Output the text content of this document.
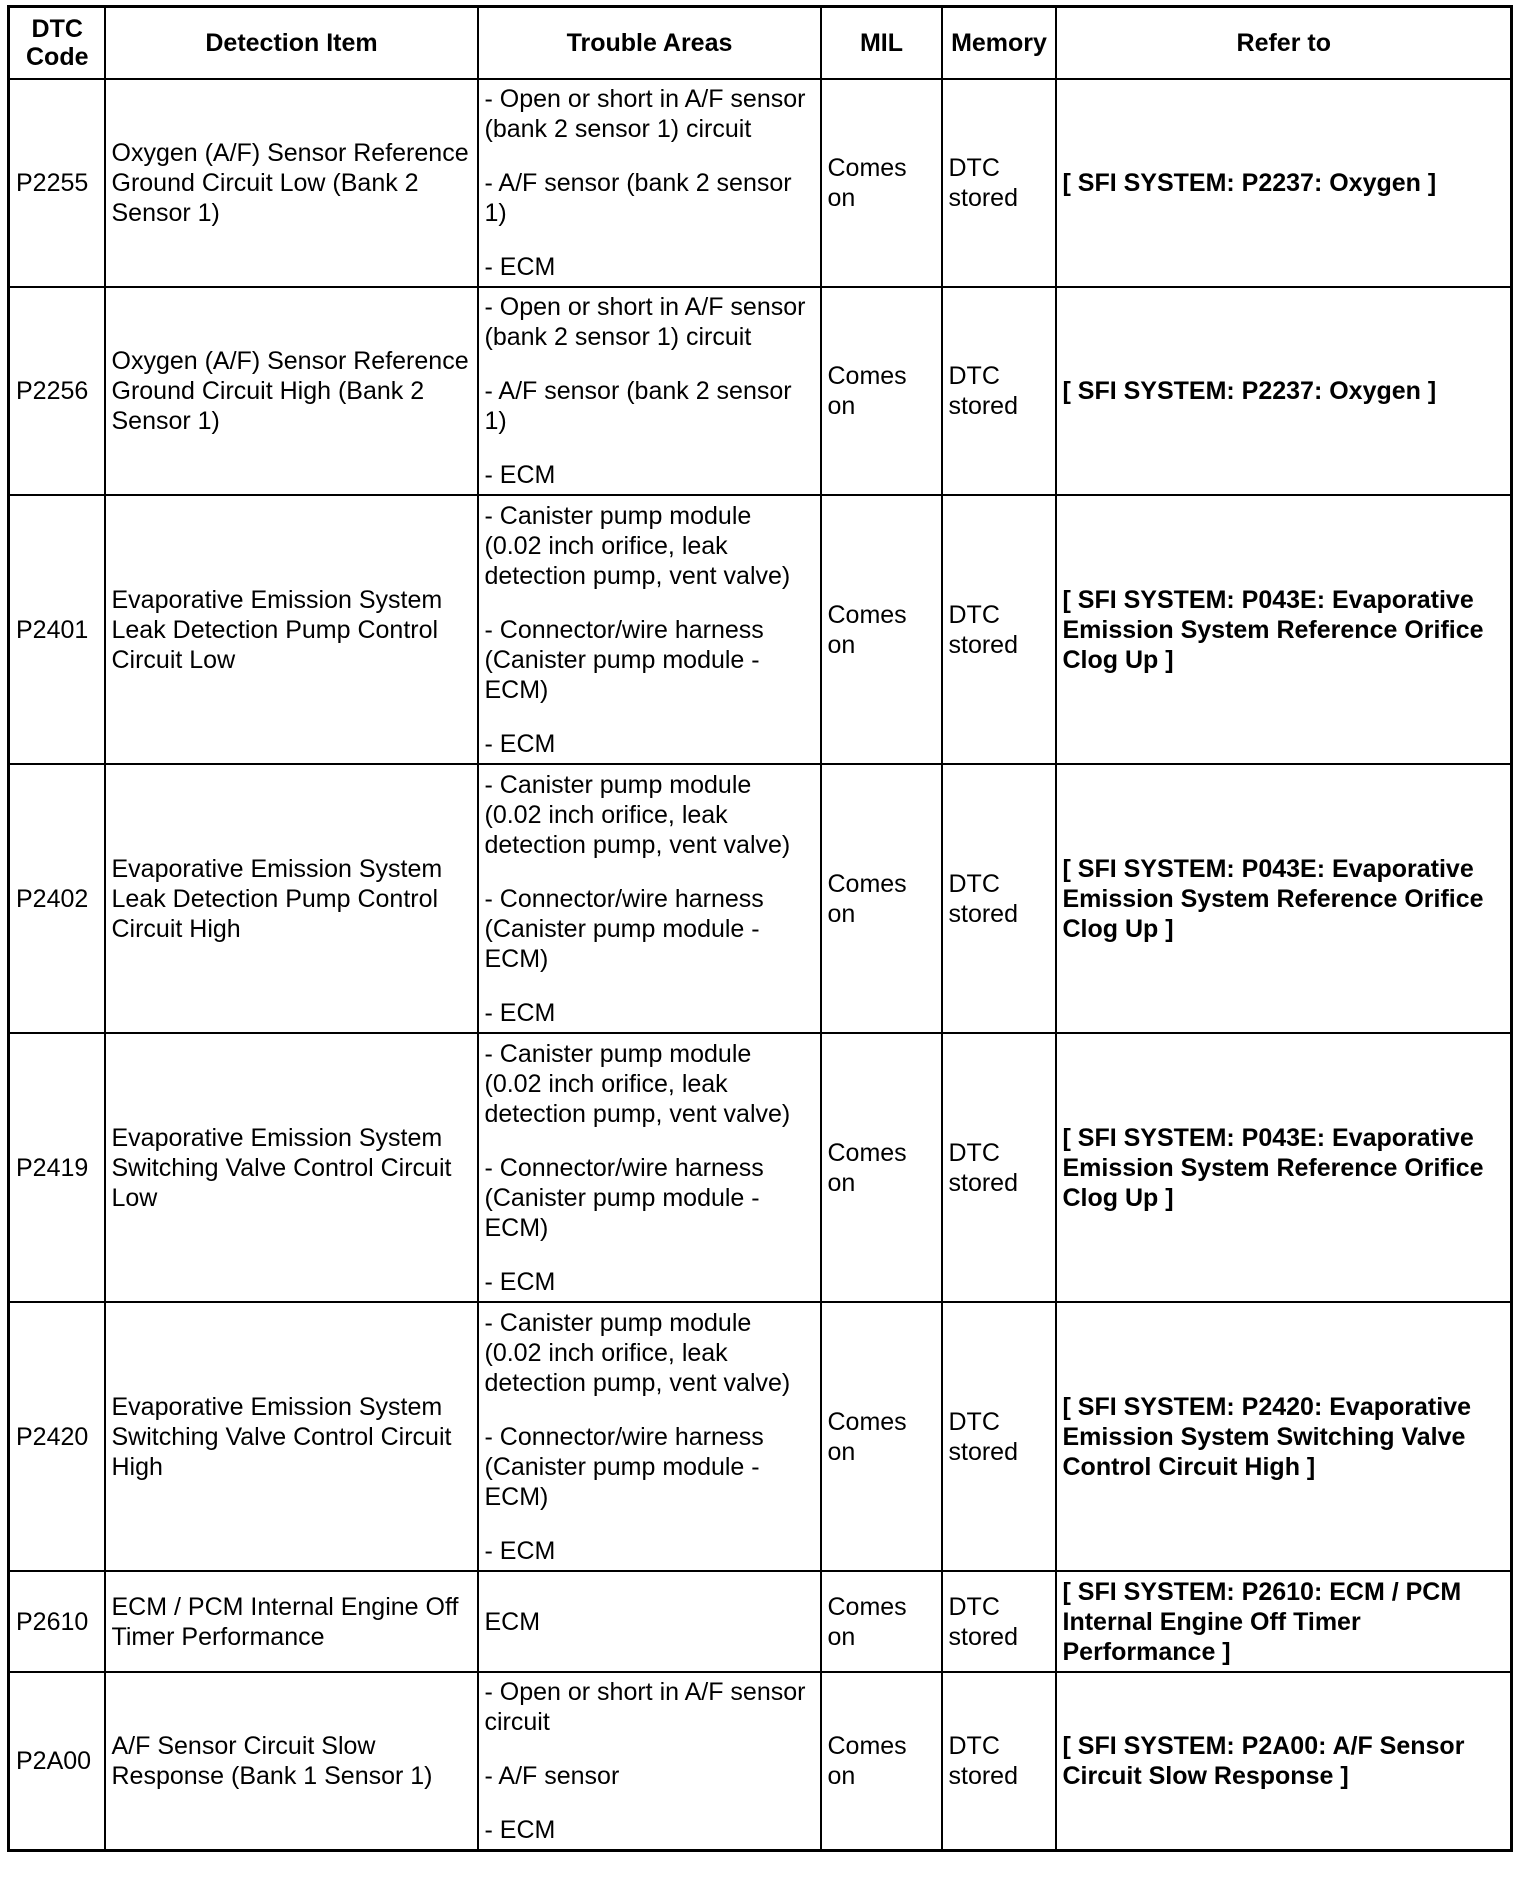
DTC
Code	Detection Item	Trouble Areas	MIL	Memory	Refer to
P2255	Oxygen (A/F) Sensor Reference Ground Circuit Low (Bank 2 Sensor 1)	- Open or short in A/F sensor (bank 2 sensor 1) circuit
- A/F sensor (bank 2 sensor 1)
- ECM	Comes on	DTC stored	[ SFI SYSTEM: P2237: Oxygen ]
P2256	Oxygen (A/F) Sensor Reference Ground Circuit High (Bank 2 Sensor 1)	- Open or short in A/F sensor (bank 2 sensor 1) circuit
- A/F sensor (bank 2 sensor 1)
- ECM	Comes on	DTC stored	[ SFI SYSTEM: P2237: Oxygen ]
P2401	Evaporative Emission System Leak Detection Pump Control Circuit Low	- Canister pump module (0.02 inch orifice, leak detection pump, vent valve)
- Connector/wire harness (Canister pump module - ECM)
- ECM	Comes on	DTC stored	[ SFI SYSTEM: P043E: Evaporative Emission System Reference Orifice Clog Up ]
P2402	Evaporative Emission System Leak Detection Pump Control Circuit High	- Canister pump module (0.02 inch orifice, leak detection pump, vent valve)
- Connector/wire harness (Canister pump module - ECM)
- ECM	Comes on	DTC stored	[ SFI SYSTEM: P043E: Evaporative Emission System Reference Orifice Clog Up ]
P2419	Evaporative Emission System Switching Valve Control Circuit Low	- Canister pump module (0.02 inch orifice, leak detection pump, vent valve)
- Connector/wire harness (Canister pump module - ECM)
- ECM	Comes on	DTC stored	[ SFI SYSTEM: P043E: Evaporative Emission System Reference Orifice Clog Up ]
P2420	Evaporative Emission System Switching Valve Control Circuit High	- Canister pump module (0.02 inch orifice, leak detection pump, vent valve)
- Connector/wire harness (Canister pump module - ECM)
- ECM	Comes on	DTC stored	[ SFI SYSTEM: P2420: Evaporative Emission System Switching Valve Control Circuit High ]
P2610	ECM / PCM Internal Engine Off Timer Performance	ECM	Comes on	DTC stored	[ SFI SYSTEM: P2610: ECM / PCM Internal Engine Off Timer Performance ]
P2A00	A/F Sensor Circuit Slow Response (Bank 1 Sensor 1)	- Open or short in A/F sensor circuit
- A/F sensor
- ECM	Comes on	DTC stored	[ SFI SYSTEM: P2A00: A/F Sensor Circuit Slow Response ]
